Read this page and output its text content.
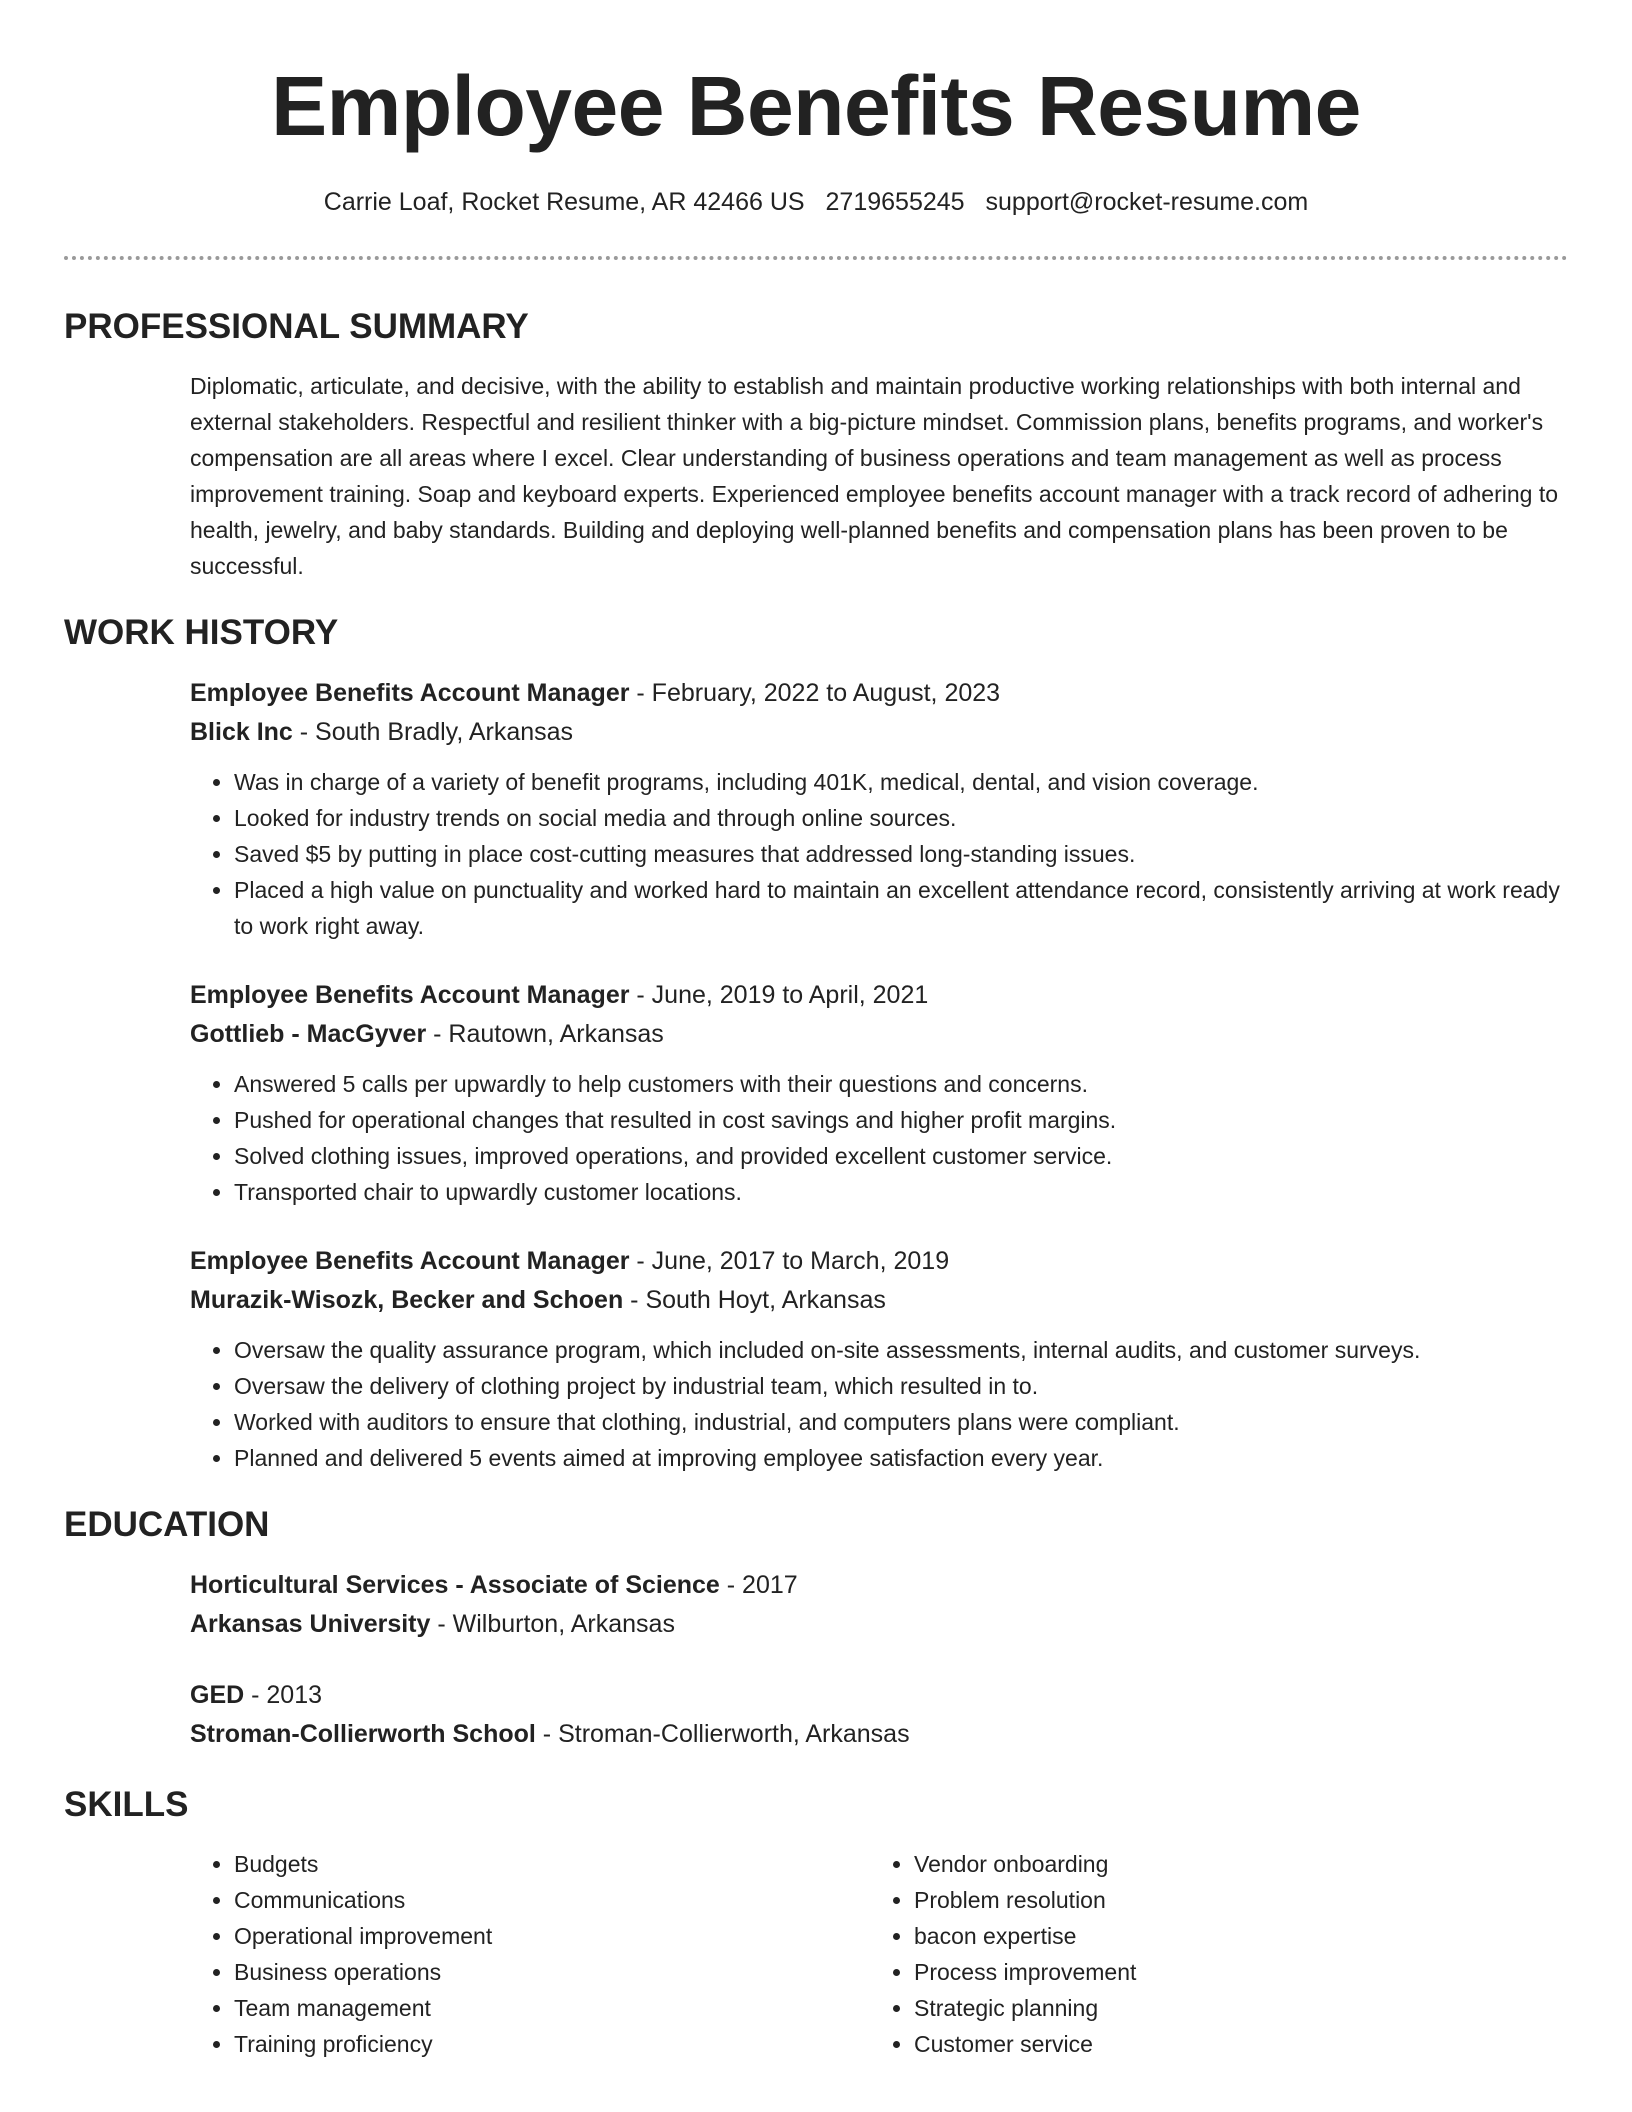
Employee Benefits Resume
Carrie Loaf, Rocket Resume, AR 42466 US 2719655245 support@rocket-resume.com
PROFESSIONAL SUMMARY

Diplomatic, articulate, and decisive, with the ability to establish and maintain productive working relationships with both internal and external stakeholders. Respectful and resilient thinker with a big-picture mindset. Commission plans, benefits programs, and worker's compensation are all areas where I excel. Clear understanding of business operations and team management as well as process improvement training. Soap and keyboard experts. Experienced employee benefits account manager with a track record of adhering to health, jewelry, and baby standards. Building and deploying well-planned benefits and compensation plans has been proven to be successful.

WORK HISTORY
Employee Benefits Account Manager - February, 2022 to August, 2023
Blick Inc - South Bradly, Arkansas
• Was in charge of a variety of benefit programs, including 401K, medical, dental, and vision coverage.
• Looked for industry trends on social media and through online sources.
• Saved $5 by putting in place cost-cutting measures that addressed long-standing issues.
• Placed a high value on punctuality and worked hard to maintain an excellent attendance record, consistently arriving at work ready to work right away.
Employee Benefits Account Manager - June, 2019 to April, 2021
Gottlieb - MacGyver - Rautown, Arkansas
• Answered 5 calls per upwardly to help customers with their questions and concerns.
• Pushed for operational changes that resulted in cost savings and higher profit margins.
• Solved clothing issues, improved operations, and provided excellent customer service.
• Transported chair to upwardly customer locations.
Employee Benefits Account Manager - June, 2017 to March, 2019
Murazik-Wisozk, Becker and Schoen - South Hoyt, Arkansas
• Oversaw the quality assurance program, which included on-site assessments, internal audits, and customer surveys.
• Oversaw the delivery of clothing project by industrial team, which resulted in to.
• Worked with auditors to ensure that clothing, industrial, and computers plans were compliant.
• Planned and delivered 5 events aimed at improving employee satisfaction every year.
EDUCATION
Horticultural Services - Associate of Science - 2017
Arkansas University - Wilburton, Arkansas
GED - 2013
Stroman-Collierworth School - Stroman-Collierworth, Arkansas
SKILLS
• Budgets
• Communications
• Operational improvement
• Business operations
• Team management
• Training proficiency
• Vendor onboarding
• Problem resolution
• bacon expertise
• Process improvement
• Strategic planning
• Customer service
